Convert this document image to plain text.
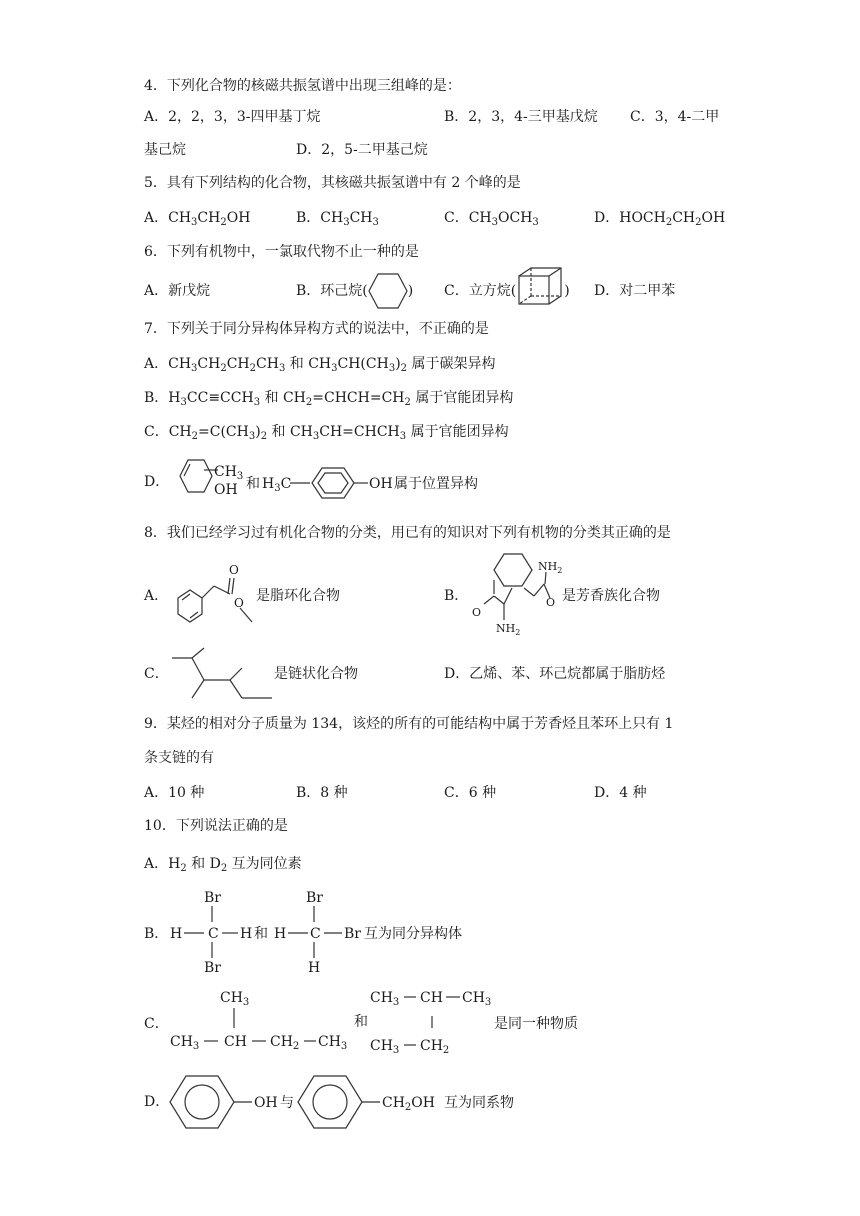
4．下列化合物的核磁共振氢谱中出现三组峰的是：
A．2，2，3，3-四甲基丁烷	B．2，3，4-三甲基戊烷 C．3，4-二甲
基己烷	D．2，5-二甲基己烷
5．具有下列结构的化合物，其核磁共振氢谱中有 2 个峰的是
A．$CH_3CH_2OH$	B．$CH_3CH_3$	C．$CH_3OCH_3$	D．$HOCH_2CH_2OH$
6．下列有机物中，一氯取代物不止一种的是
A．新戊烷	B．环己烷(	) C．立方烷(	) D．对二甲苯
7．下列关于同分异构体异构方式的说法中，不正确的是
A．$CH_3CH_2CH_2CH_3$ 和 $CH_3CH(CH_3)_2$ 属于碳架异构
B．$H_3CC\equiv CCH_3$ 和 $CH_2=CHCH=CH_2$ 属于官能团异构
C．$CH_2=C(CH_3)_2$ 和 $CH_3CH=CHCH_3$ 属于官能团异构
D．
$CH_3$
OH 和 $H_3C$	OH 属于位置异构
8．我们已经学习过有机化合物的分类，用已有的知识对下列有机物的分类其正确的是
A．
O
O 是脂环化合物	B．
O
$NH_2$
O
$NH_2$
是芳香族化合物
C．	是链状化合物	D．乙烯、苯、环己烷都属于脂肪烃
9．某烃的相对分子质量为 134，该烃的所有的可能结构中属于芳香烃且苯环上只有 1
条支链的有
A．10 种	B．8 种	C．6 种	D．4 种
10．下列说法正确的是
A．$H_2$ 和 $D_2$ 互为同位素
B．
Br
H C H
Br
和 H
Br
C Br
H
互为同分异构体
C．
$CH_3$
$CH_3$ CH $CH_2$ $CH_3$
和
$CH_3$ CH $CH_3$
$CH_3$ $CH_2$
是同一种物质
D．	OH 与	$CH_2OH$ 互为同系物
